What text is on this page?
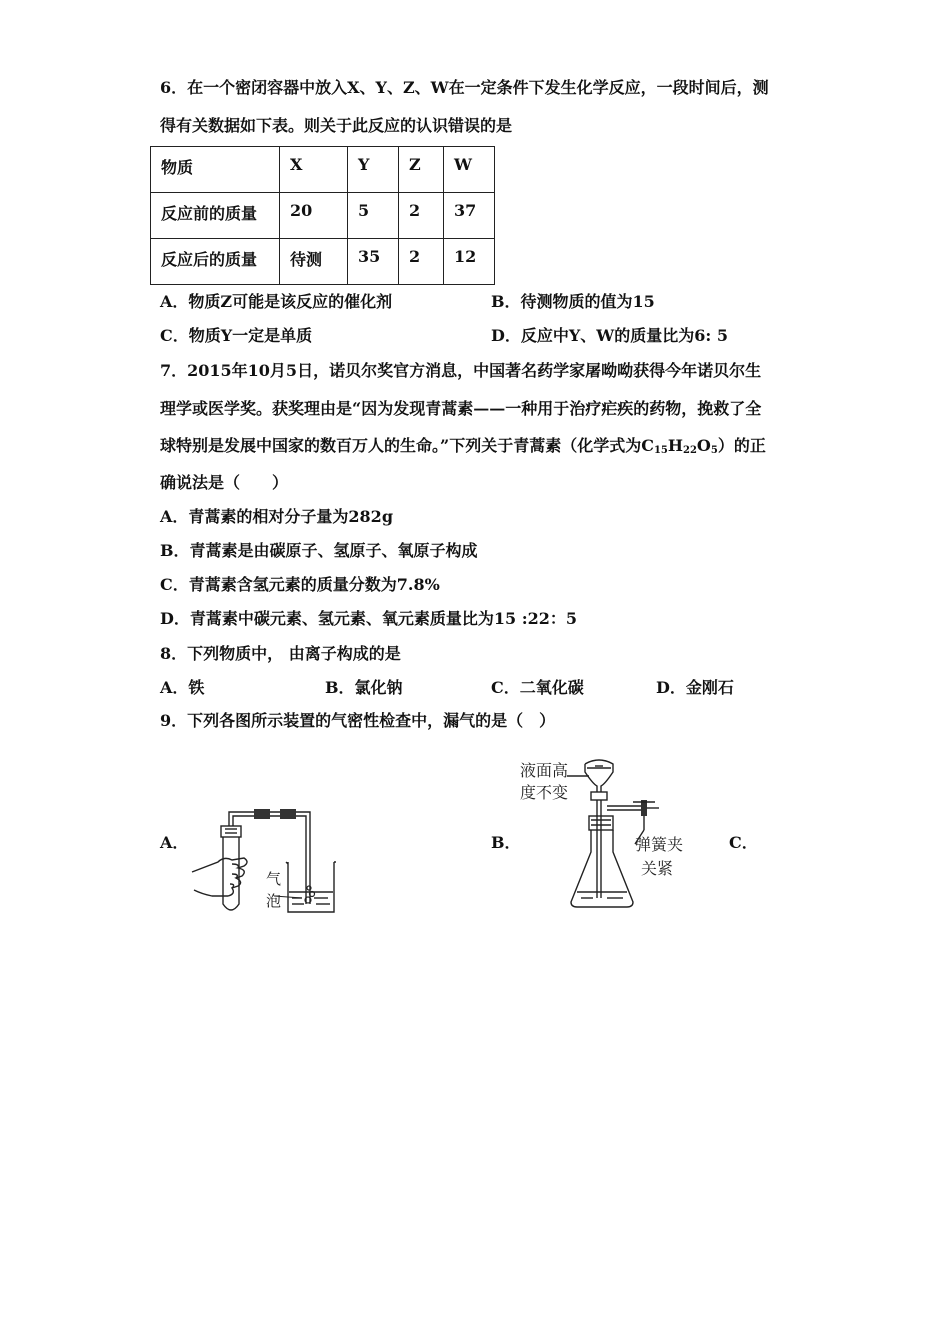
6．在一个密闭容器中放入X、Y、Z、W在一定条件下发生化学反应，一段时间后，测
得有关数据如下表。则关于此反应的认识错误的是
物质	X	Y	Z	W
反应前的质量	20	5	2	37
反应后的质量	待测	35	2	12
A．物质Z可能是该反应的催化剂	B．待测物质的值为15
C．物质Y一定是单质	D．反应中Y、W的质量比为6: 5
7．2015年10月5日，诺贝尔奖官方消息，中国著名药学家屠呦呦获得今年诺贝尔生
理学或医学奖。获奖理由是“因为发现青蒿素——一种用于治疗疟疾的药物，挽救了全
球特别是发展中国家的数百万人的生命。”下列关于青蒿素（化学式为$C_{15}H_{22}O_5$）的正
确说法是（　　）
A．青蒿素的相对分子量为282g
B．青蒿素是由碳原子、氢原子、氧原子构成
C．青蒿素含氢元素的质量分数为7.8%
D．青蒿素中碳元素、氢元素、氧元素质量比为15 :22：5
8．下列物质中， 由离子构成的是
A．铁	B．氯化钠	C．二氧化碳	D．金刚石
9．下列各图所示装置的气密性检查中，漏气的是（　）
A．	B．	C．
气
泡
液面高
度不变
弹簧夹
关紧
